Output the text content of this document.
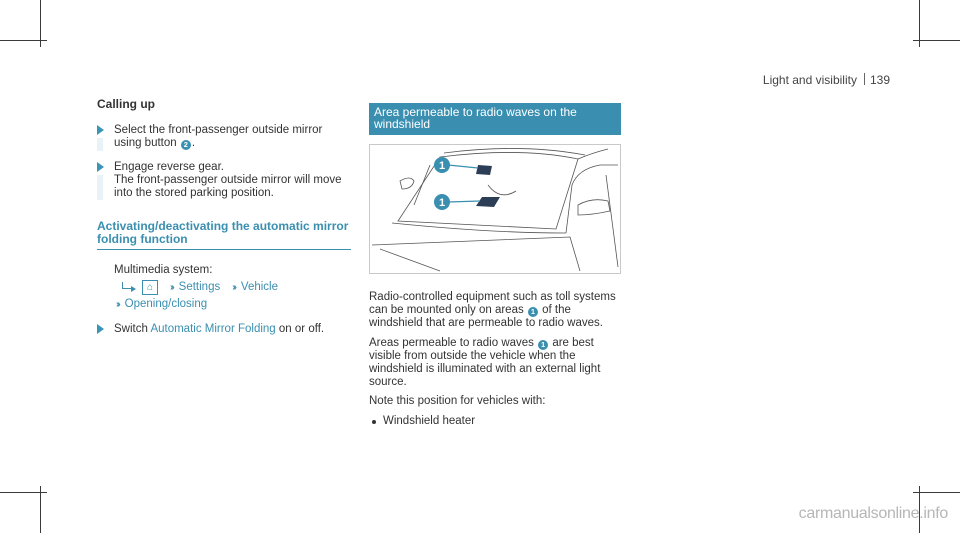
Light and visibility 139
Calling up
Select the front-passenger outside mirror using button 2 .
Engage reverse gear.
The front-passenger outside mirror will move into the stored parking position.
Activating/deactivating the automatic mirror folding function
Multimedia system:
⌂	›› Settings ›› Vehicle
›› Opening/closing
Switch Automatic Mirror Folding on or off.
Area permeable to radio waves on the windshield
1
1

Radio-controlled equipment such as toll systems can be mounted only on areas 1 of the windshield that are permeable to radio waves.

Areas permeable to radio waves 1 are best visible from outside the vehicle when the windshield is illuminated with an external light source.

Note this position for vehicles with:

Windshield heater
carmanualsonline.info
